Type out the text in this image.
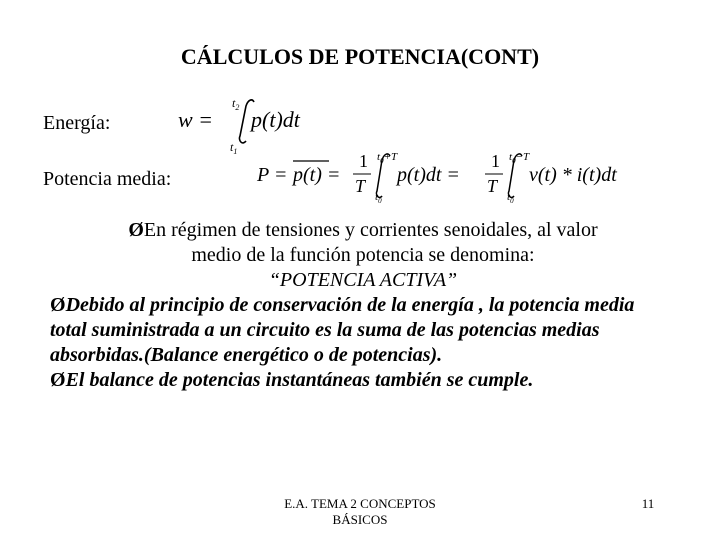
CÁLCULOS DE POTENCIA(CONT)
Energía:	w =
$t_1$
$t_2$ p(t)dt
Potencia media:	P = p(t) =
1
T
$t_0$
$t_0+T$
p(t)dt =
1
T
$t_0$
$t_0-T$
v(t) * i(t)dt
ØEn régimen de tensiones y corrientes senoidales, al valor
medio de la función potencia se denomina:
“POTENCIA ACTIVA”
ØDebido al principio de conservación de la energía , la potencia media total suministrada a un circuito es la suma de las potencias medias absorbidas.(Balance energético o de potencias).
ØEl balance de potencias instantáneas también se cumple.
E.A. TEMA 2 CONCEPTOS
BÁSICOS
11
